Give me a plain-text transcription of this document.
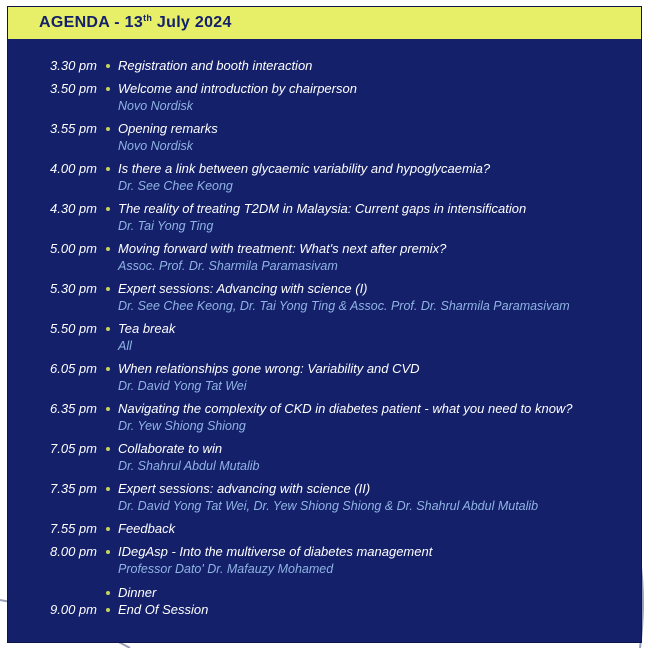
AGENDA - 13th July 2024
3.30 pm Registration and booth interaction
3.50 pm Welcome and introduction by chairperson
Novo Nordisk
3.55 pm Opening remarks
Novo Nordisk
4.00 pm Is there a link between glycaemic variability and hypoglycaemia?
Dr. See Chee Keong
4.30 pm The reality of treating T2DM in Malaysia: Current gaps in intensification
Dr. Tai Yong Ting
5.00 pm Moving forward with treatment: What's next after premix?
Assoc. Prof. Dr. Sharmila Paramasivam
5.30 pm Expert sessions: Advancing with science (I)
Dr. See Chee Keong, Dr. Tai Yong Ting & Assoc. Prof. Dr. Sharmila Paramasivam
5.50 pm Tea break
All
6.05 pm When relationships gone wrong: Variability and CVD
Dr. David Yong Tat Wei
6.35 pm Navigating the complexity of CKD in diabetes patient - what you need to know?
Dr. Yew Shiong Shiong
7.05 pm Collaborate to win
Dr. Shahrul Abdul Mutalib
7.35 pm Expert sessions: advancing with science (II)
Dr. David Yong Tat Wei, Dr. Yew Shiong Shiong & Dr. Shahrul Abdul Mutalib
7.55 pm Feedback
8.00 pm IDegAsp - Into the multiverse of diabetes management
Professor Dato' Dr. Mafauzy Mohamed
Dinner
9.00 pm End Of Session
